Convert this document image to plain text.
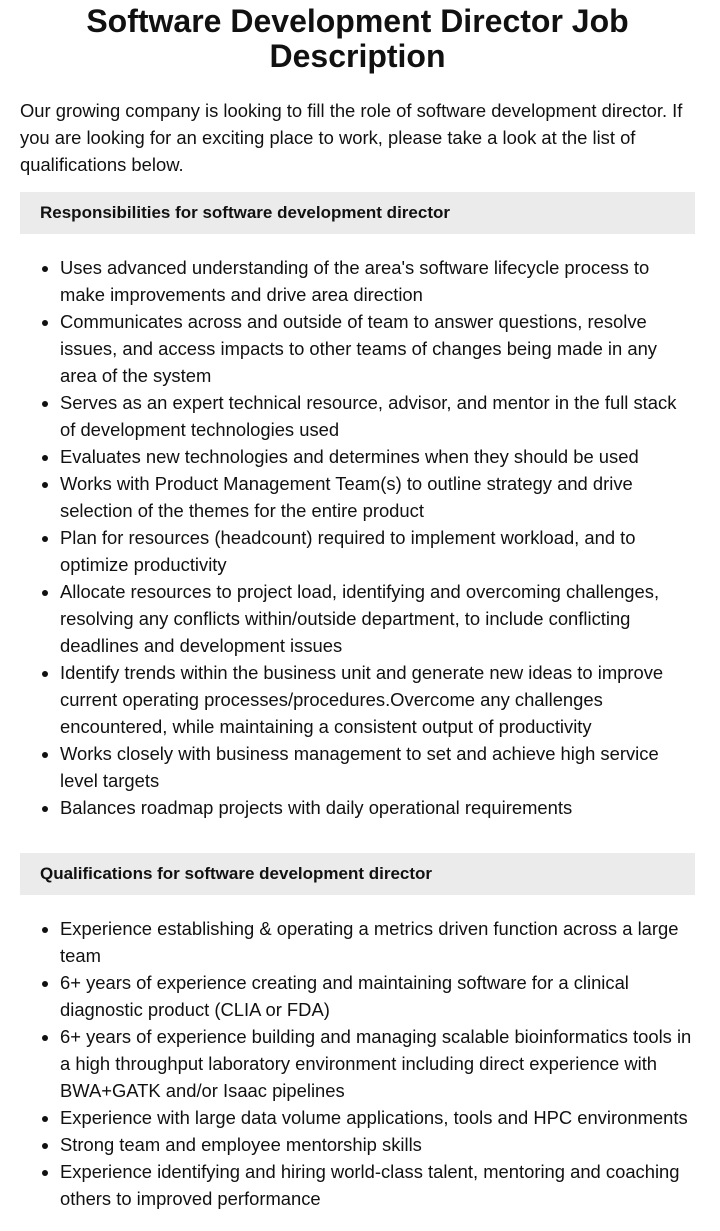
Software Development Director Job Description

Our growing company is looking to fill the role of software development director. If you are looking for an exciting place to work, please take a look at the list of qualifications below.

Responsibilities for software development director
• Uses advanced understanding of the area's software lifecycle process to make improvements and drive area direction
• Communicates across and outside of team to answer questions, resolve issues, and access impacts to other teams of changes being made in any area of the system
• Serves as an expert technical resource, advisor, and mentor in the full stack of development technologies used
• Evaluates new technologies and determines when they should be used
• Works with Product Management Team(s) to outline strategy and drive selection of the themes for the entire product
• Plan for resources (headcount) required to implement workload, and to optimize productivity
• Allocate resources to project load, identifying and overcoming challenges, resolving any conflicts within/outside department, to include conflicting deadlines and development issues
• Identify trends within the business unit and generate new ideas to improve current operating processes/procedures.Overcome any challenges encountered, while maintaining a consistent output of productivity
• Works closely with business management to set and achieve high service level targets
• Balances roadmap projects with daily operational requirements
Qualifications for software development director
• Experience establishing & operating a metrics driven function across a large team
• 6+ years of experience creating and maintaining software for a clinical diagnostic product (CLIA or FDA)
• 6+ years of experience building and managing scalable bioinformatics tools in a high throughput laboratory environment including direct experience with BWA+GATK and/or Isaac pipelines
• Experience with large data volume applications, tools and HPC environments
• Strong team and employee mentorship skills
• Experience identifying and hiring world-class talent, mentoring and coaching others to improved performance
